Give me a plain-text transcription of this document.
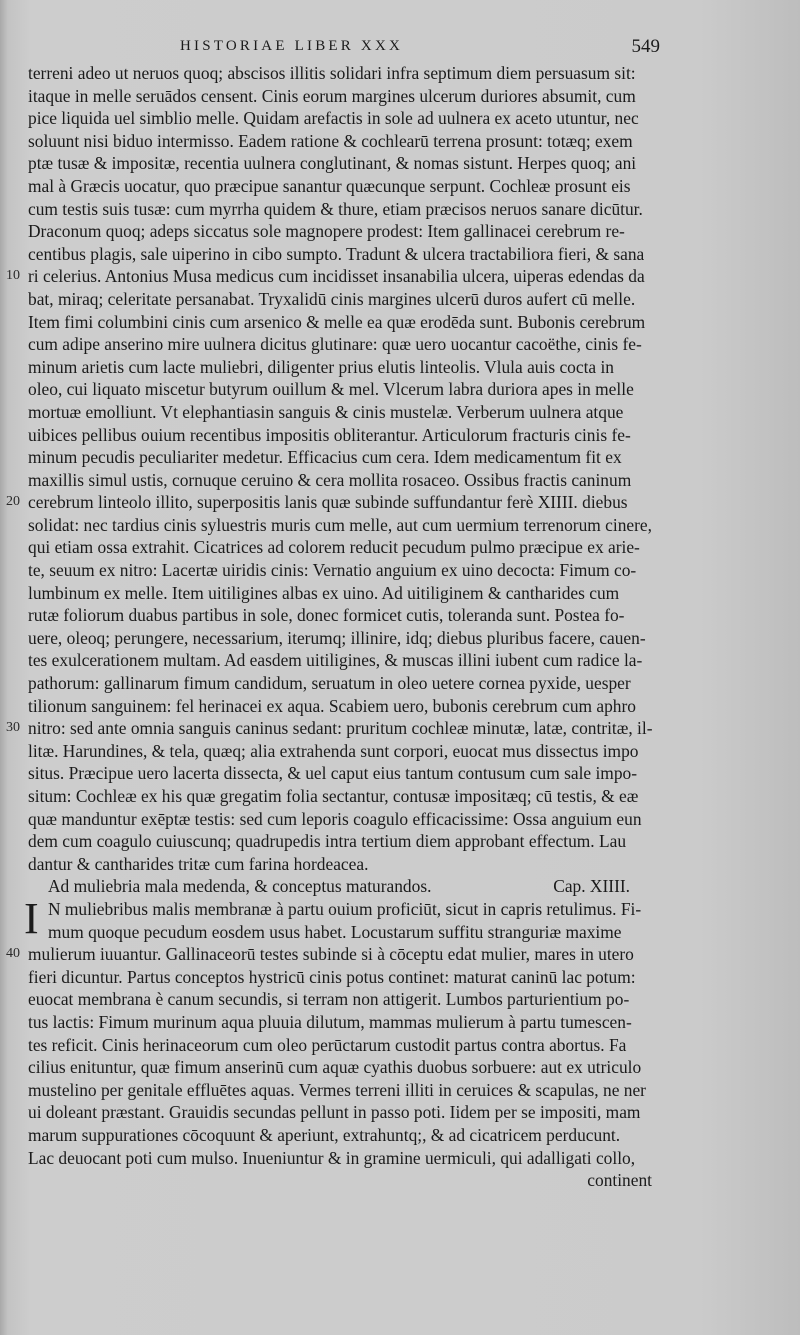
HISTORIAE LIBER XXX	549
terreni adeo ut neruos quoq; abscisos illitis solidari infra septimum diem persuasum sit:
itaque in melle seruādos censent. Cinis eorum margines ulcerum duriores absumit, cum
pice liquida uel simblio melle. Quidam arefactis in sole ad uulnera ex aceto utuntur, nec
soluunt nisi biduo intermisso. Eadem ratione & cochlearū terrena prosunt: totæq; exem
ptæ tusæ & impositæ, recentia uulnera conglutinant, & nomas sistunt. Herpes quoq; ani
mal à Græcis uocatur, quo præcipue sanantur quæcunque serpunt. Cochleæ prosunt eis
cum testis suis tusæ: cum myrrha quidem & thure, etiam præcisos neruos sanare dicūtur.
Draconum quoq; adeps siccatus sole magnopere prodest: Item gallinacei cerebrum re-
centibus plagis, sale uiperino in cibo sumpto. Tradunt & ulcera tractabiliora fieri, & sana
ri celerius. Antonius Musa medicus cum incidisset insanabilia ulcera, uiperas edendas da
10
bat, miraq; celeritate persanabat. Tryxalidū cinis margines ulcerū duros aufert cū melle.
Item fimi columbini cinis cum arsenico & melle ea quæ erodēda sunt. Bubonis cerebrum
cum adipe anserino mire uulnera dicitus glutinare: quæ uero uocantur cacoëthe, cinis fe-
minum arietis cum lacte muliebri, diligenter prius elutis linteolis. Vlula auis cocta in
oleo, cui liquato miscetur butyrum ouillum & mel. Vlcerum labra duriora apes in melle
mortuæ emolliunt. Vt elephantiasin sanguis & cinis mustelæ. Verberum uulnera atque
uibices pellibus ouium recentibus impositis obliterantur. Articulorum fracturis cinis fe-
minum pecudis peculiariter medetur. Efficacius cum cera. Idem medicamentum fit ex
maxillis simul ustis, cornuque ceruino & cera mollita rosaceo. Ossibus fractis caninum
cerebrum linteolo illito, superpositis lanis quæ subinde suffundantur ferè XIIII. diebus
20
solidat: nec tardius cinis syluestris muris cum melle, aut cum uermium terrenorum cinere,
qui etiam ossa extrahit. Cicatrices ad colorem reducit pecudum pulmo præcipue ex arie-
te, seuum ex nitro: Lacertæ uiridis cinis: Vernatio anguium ex uino decocta: Fimum co-
lumbinum ex melle. Item uitiligines albas ex uino. Ad uitiliginem & cantharides cum
rutæ foliorum duabus partibus in sole, donec formicet cutis, toleranda sunt. Postea fo-
uere, oleoq; perungere, necessarium, iterumq; illinire, idq; diebus pluribus facere, cauen-
tes exulcerationem multam. Ad easdem uitiligines, & muscas illini iubent cum radice la-
pathorum: gallinarum fimum candidum, seruatum in oleo uetere cornea pyxide, uesper
tilionum sanguinem: fel herinacei ex aqua. Scabiem uero, bubonis cerebrum cum aphro
nitro: sed ante omnia sanguis caninus sedant: pruritum cochleæ minutæ, latæ, contritæ, il-
30
litæ. Harundines, & tela, quæq; alia extrahenda sunt corpori, euocat mus dissectus impo
situs. Præcipue uero lacerta dissecta, & uel caput eius tantum contusum cum sale impo-
situm: Cochleæ ex his quæ gregatim folia sectantur, contusæ impositæq; cū testis, & eæ
quæ manduntur exēptæ testis: sed cum leporis coagulo efficacissime: Ossa anguium eun
dem cum coagulo cuiuscunq; quadrupedis intra tertium diem approbant effectum. Lau
dantur & cantharides tritæ cum farina hordeacea.
Ad muliebria mala medenda, & conceptus maturandos.	Cap. XIIII.
N muliebribus malis membranæ à partu ouium proficiūt, sicut in capris retulimus. Fi-
I mum quoque pecudum eosdem usus habet. Locustarum suffitu stranguriæ maxime
mulierum iuuantur. Gallinaceorū testes subinde si à cōceptu edat mulier, mares in utero
40
fieri dicuntur. Partus conceptos hystricū cinis potus continet: maturat caninū lac potum:
euocat membrana è canum secundis, si terram non attigerit. Lumbos parturientium po-
tus lactis: Fimum murinum aqua pluuia dilutum, mammas mulierum à partu tumescen-
tes reficit. Cinis herinaceorum cum oleo perūctarum custodit partus contra abortus. Fa
cilius enituntur, quæ fimum anserinū cum aquæ cyathis duobus sorbuere: aut ex utriculo
mustelino per genitale effluētes aquas. Vermes terreni illiti in ceruices & scapulas, ne ner
ui doleant præstant. Grauidis secundas pellunt in passo poti. Iidem per se impositi, mam
marum suppurationes cōcoquunt & aperiunt, extrahuntq;, & ad cicatricem perducunt.
Lac deuocant poti cum mulso. Inueniuntur & in gramine uermiculi, qui adalligati collo,
continent
